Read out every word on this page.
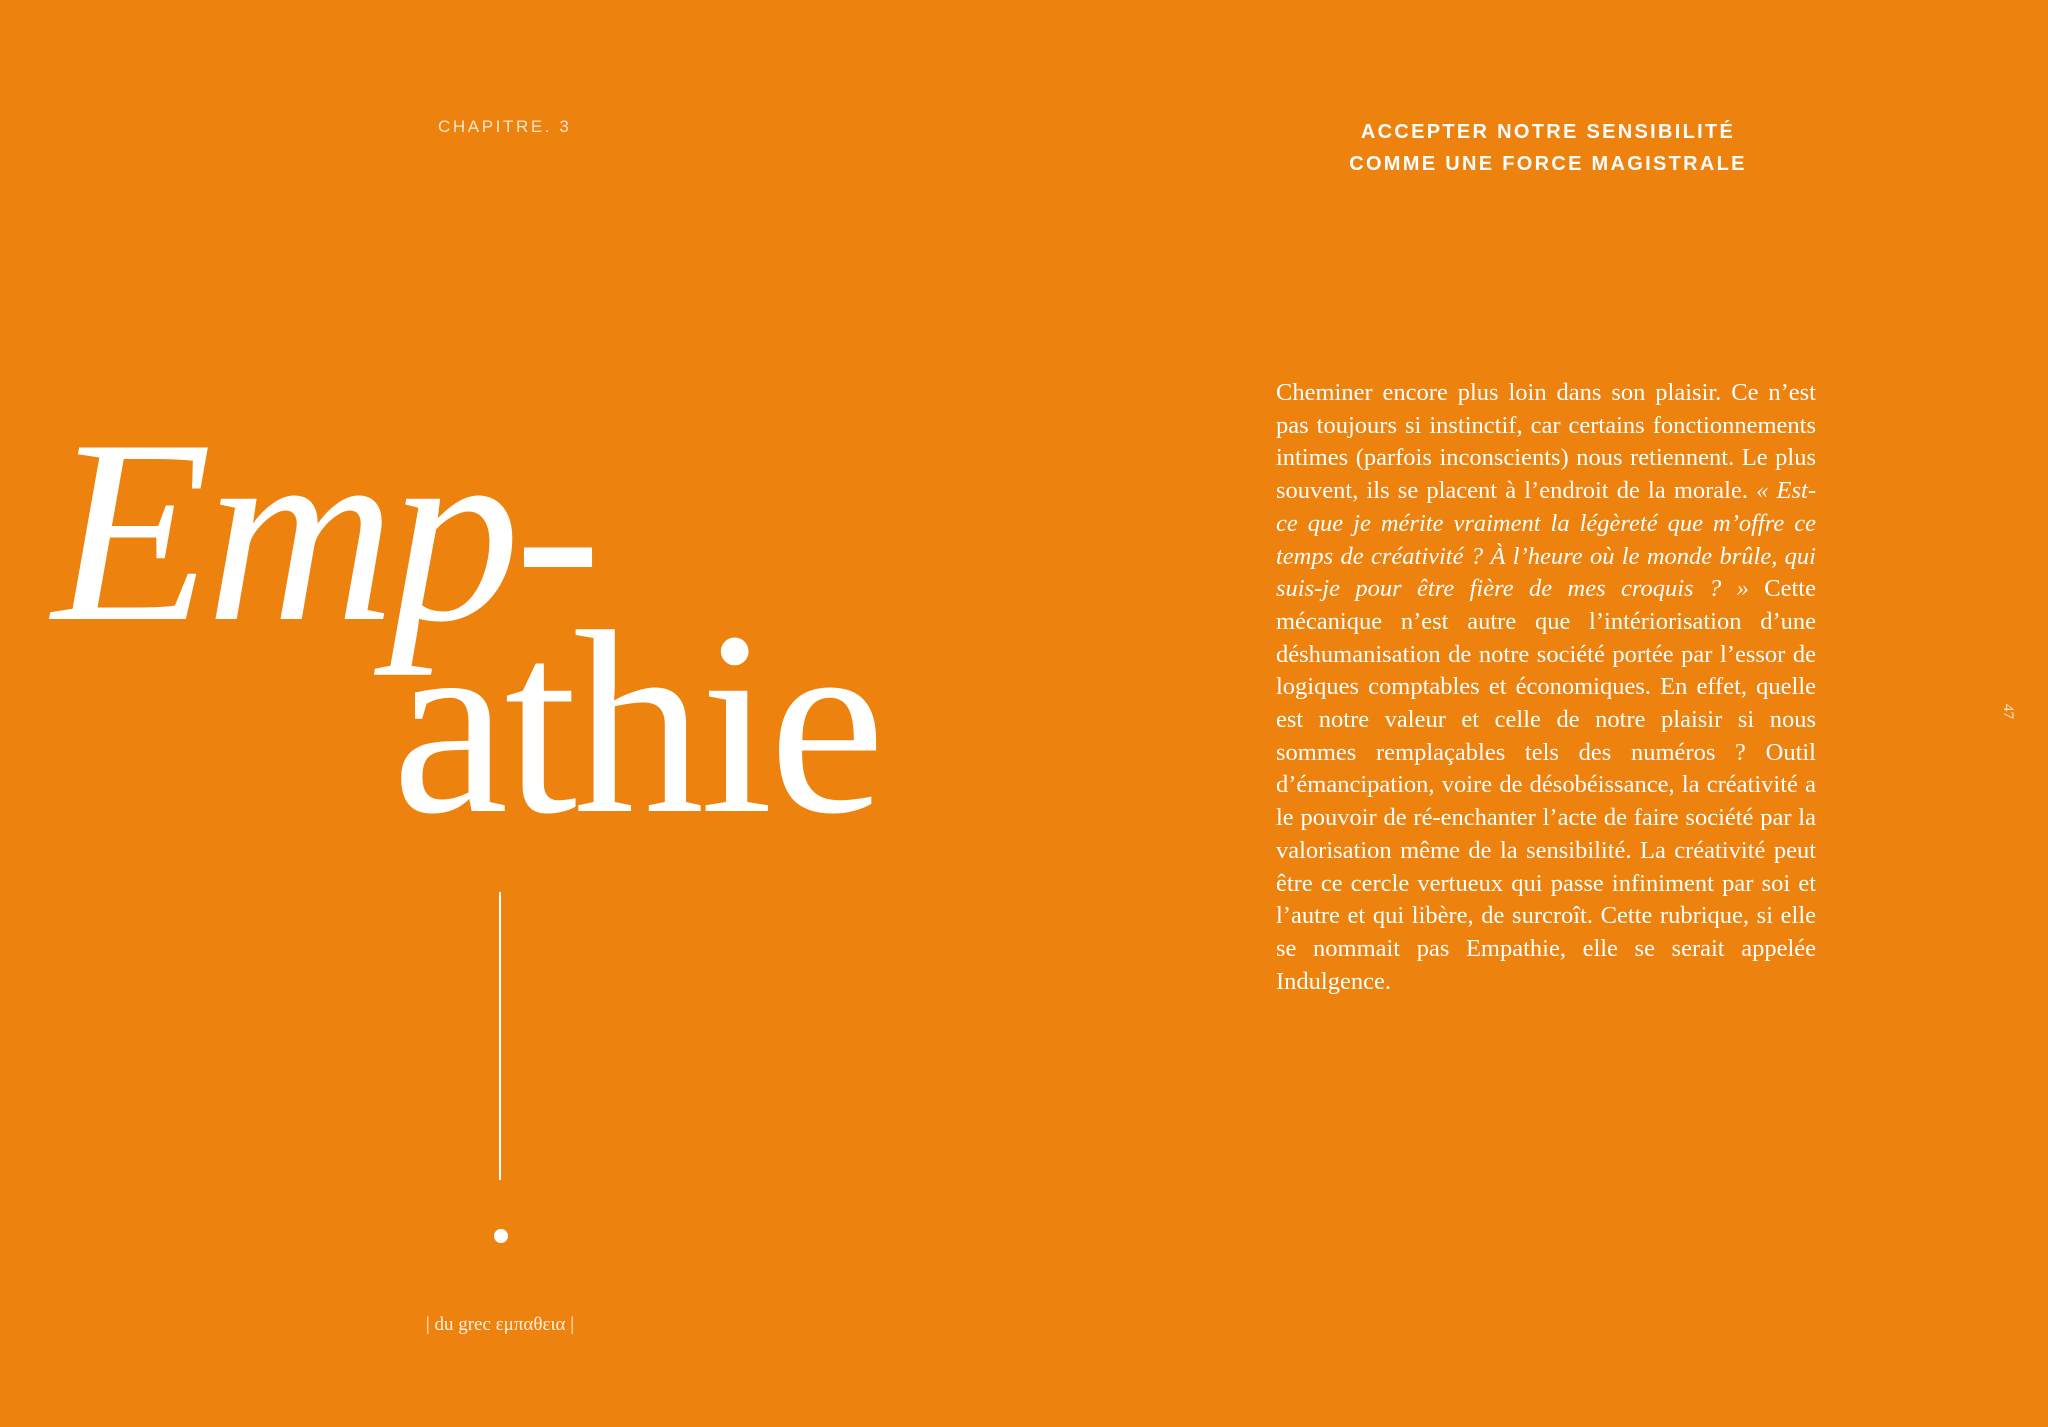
CHAPITRE. 3	ACCEPTER NOTRE SENSIBILITÉ
COMME UNE FORCE MAGISTRALE
Emp-
athie
| du grec εμπαθεια |

Cheminer encore plus loin dans son plaisir. Ce n’est pas toujours si instinctif, car certains fonctionnements intimes (parfois inconscients) nous retiennent. Le plus souvent, ils se placent à l’endroit de la morale. « Est-ce que je mérite vraiment la légèreté que m’offre ce temps de créativité ? À l’heure où le monde brûle, qui suis-je pour être fière de mes croquis ? » Cette mécanique n’est autre que l’intériorisation d’une déshumanisation de notre société portée par l’essor de logiques comptables et économiques. En effet, quelle est notre valeur et celle de notre plaisir si nous sommes remplaçables tels des numéros ? Outil d’émancipation, voire de désobéissance, la créativité a le pouvoir de ré-enchanter l’acte de faire société par la valorisation même de la sensibilité. La créativité peut être ce cercle vertueux qui passe infiniment par soi et l’autre et qui libère, de surcroît. Cette rubrique, si elle se nommait pas Empathie, elle se serait appelée Indulgence.

47
